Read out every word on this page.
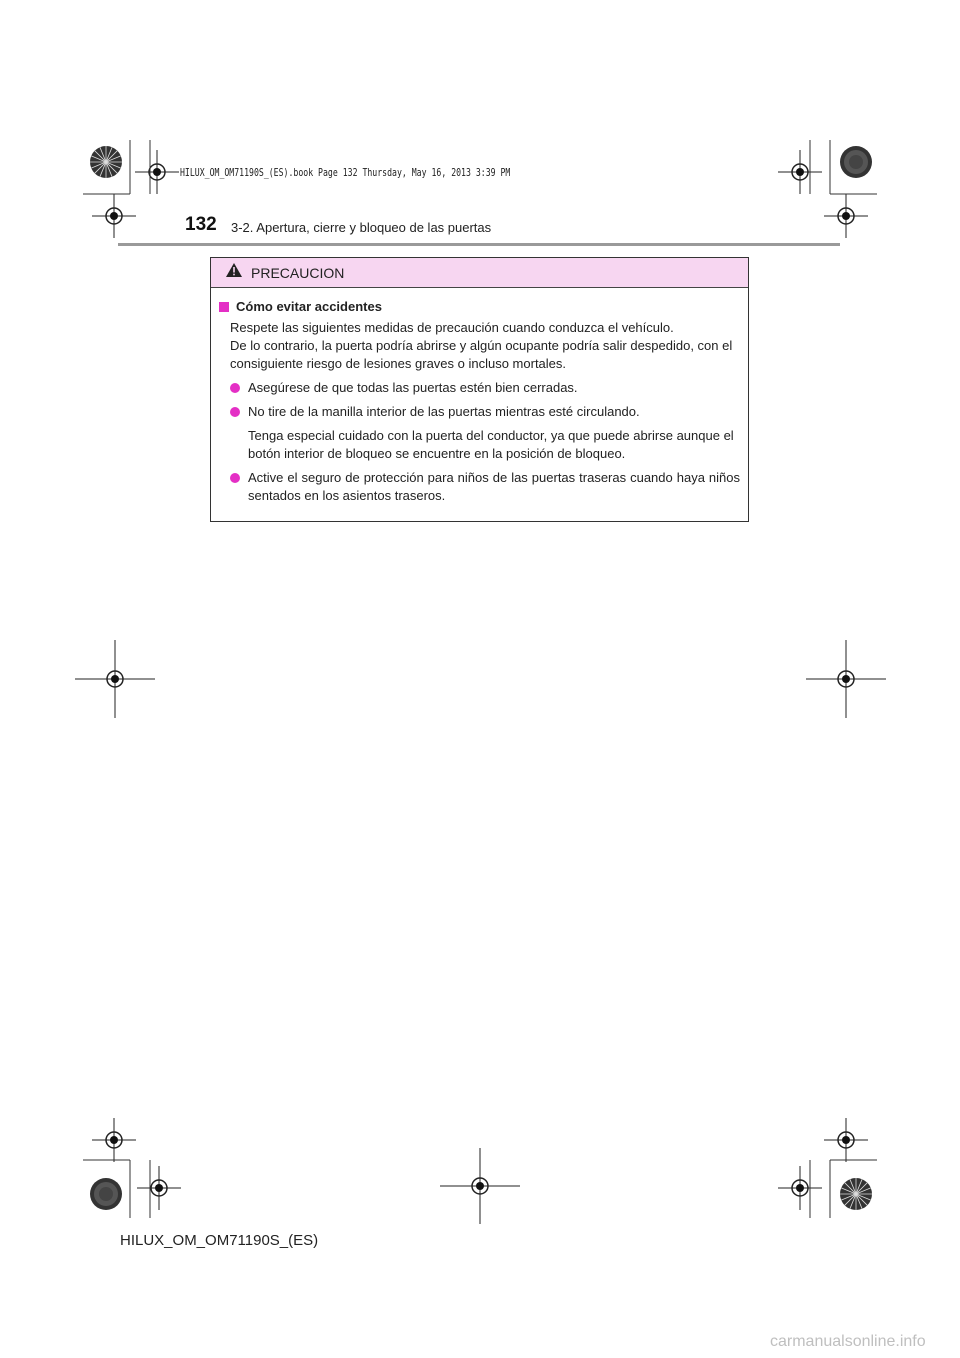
HILUX_OM_OM71190S_(ES).book Page 132 Thursday, May 16, 2013 3:39 PM
132 3-2. Apertura, cierre y bloqueo de las puertas
PRECAUCION
Cómo evitar accidentes
Respete las siguientes medidas de precaución cuando conduzca el vehículo.
De lo contrario, la puerta podría abrirse y algún ocupante podría salir despedido, con el consiguiente riesgo de lesiones graves o incluso mortales.
Asegúrese de que todas las puertas estén bien cerradas.
No tire de la manilla interior de las puertas mientras esté circulando.
Tenga especial cuidado con la puerta del conductor, ya que puede abrirse aunque el botón interior de bloqueo se encuentre en la posición de bloqueo.
Active el seguro de protección para niños de las puertas traseras cuando haya niños sentados en los asientos traseros.
HILUX_OM_OM71190S_(ES)
carmanualsonline.info
